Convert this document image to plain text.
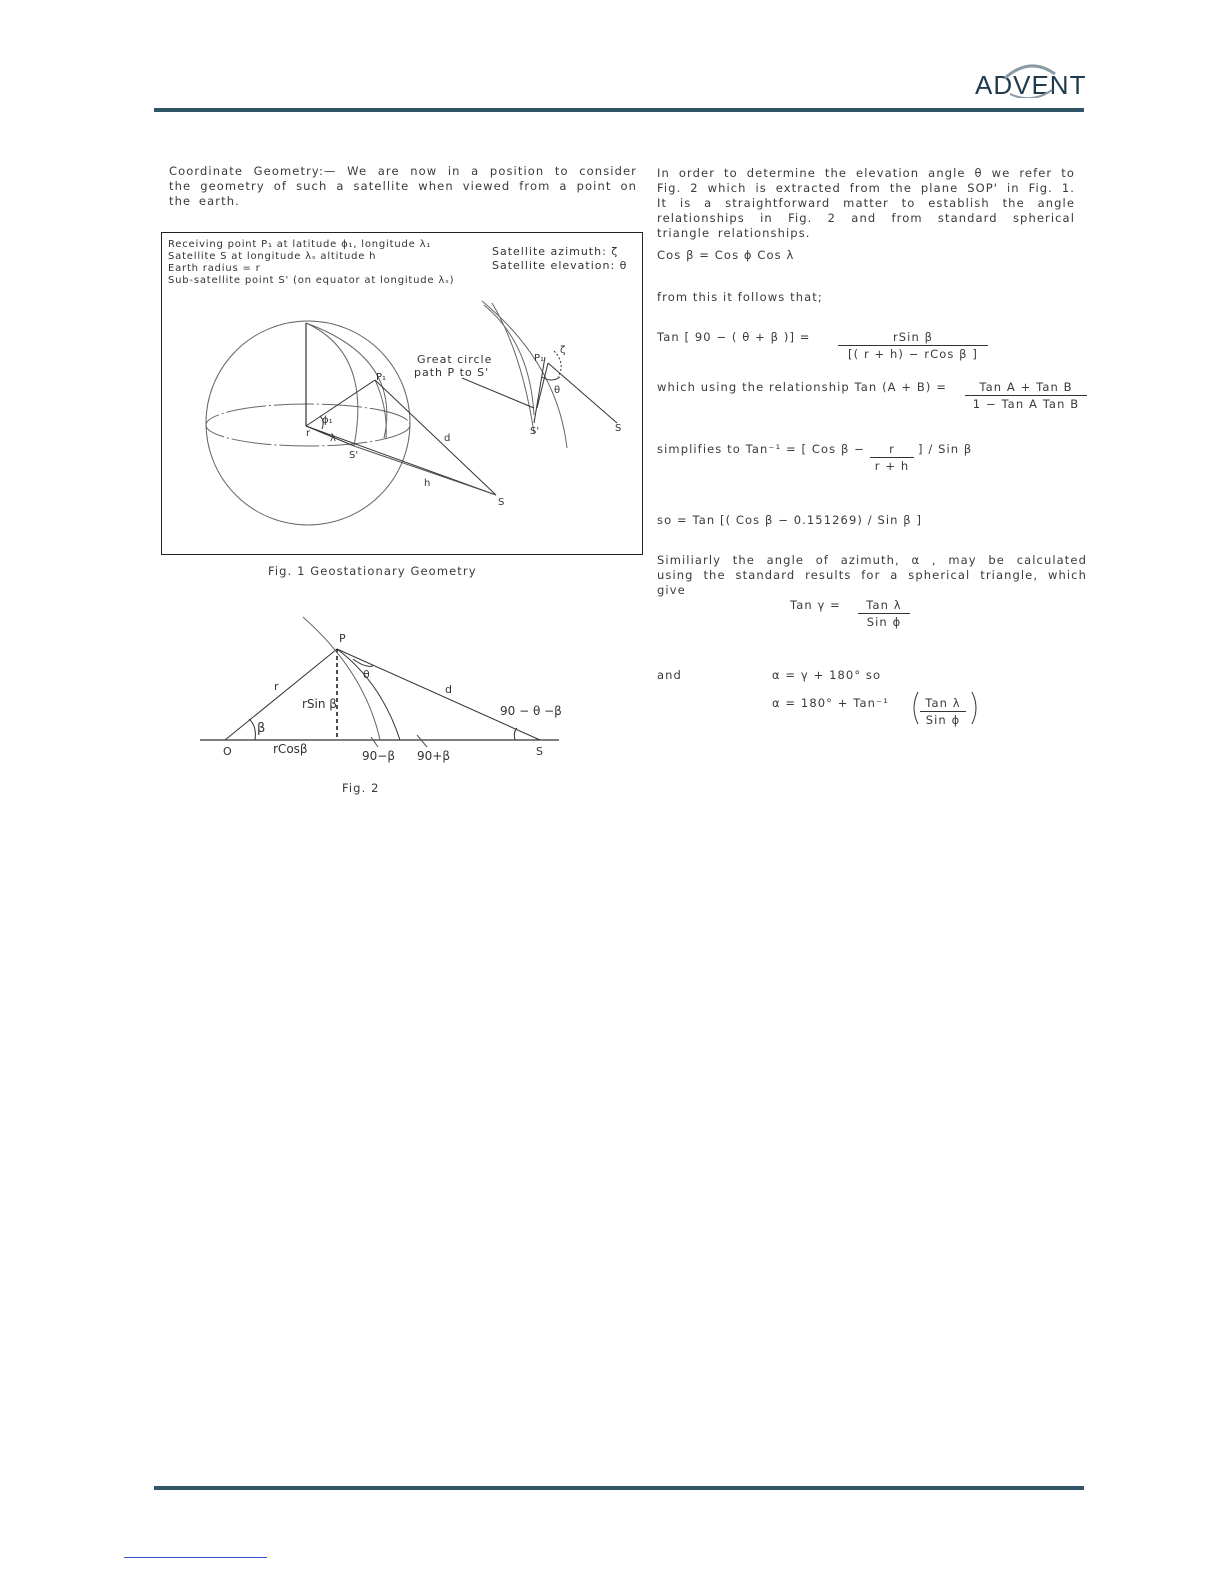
ADVENT
Coordinate Geometry:— We are now in a position to consider the geometry of such a satellite when viewed from a point on the earth.
Receiving point P₁ at latitude ϕ₁, longitude λ₁
Satellite S at longitude λₛ altitude h
Earth radius = r
Sub-satellite point S' (on equator at longitude λₛ)
Satellite azimuth: ζ
Satellite elevation: θ
P₁
ϕ₁
r λ
S'
d
h
S
Great circle
path P to S'
P₁
ζ
θ
S'	S
Fig. 1 Geostationary Geometry
P
r	d
θ
rSin β
β
O	rCosβ	90−β 90+β
90 − θ −β
S
Fig. 2
In order to determine the elevation angle θ we refer to Fig. 2 which is extracted from the plane SOP' in Fig. 1. It is a straightforward matter to establish the angle relationships in Fig. 2 and from standard spherical triangle relationships.
Cos β = Cos ϕ Cos λ
from this it follows that;
Tan [ 90 − ( θ + β )] =	rSin β
[( r + h) − rCos β ]
which using the relationship Tan (A + B) =	Tan A + Tan B
1 − Tan A Tan B
simplifies to Tan⁻¹ = [ Cos $\beta - \frac{r}{r + h}$ ] / Sin β
so = Tan [( Cos β − 0.151269) / Sin β ]
Similiarly the angle of azimuth, α , may be calculated using the standard results for a spherical triangle, which give
Tan γ =	Tan λ
Sin ϕ
and	α = γ + 180° so
α = 180° + Tan⁻¹	Tan λ
Sin ϕ
